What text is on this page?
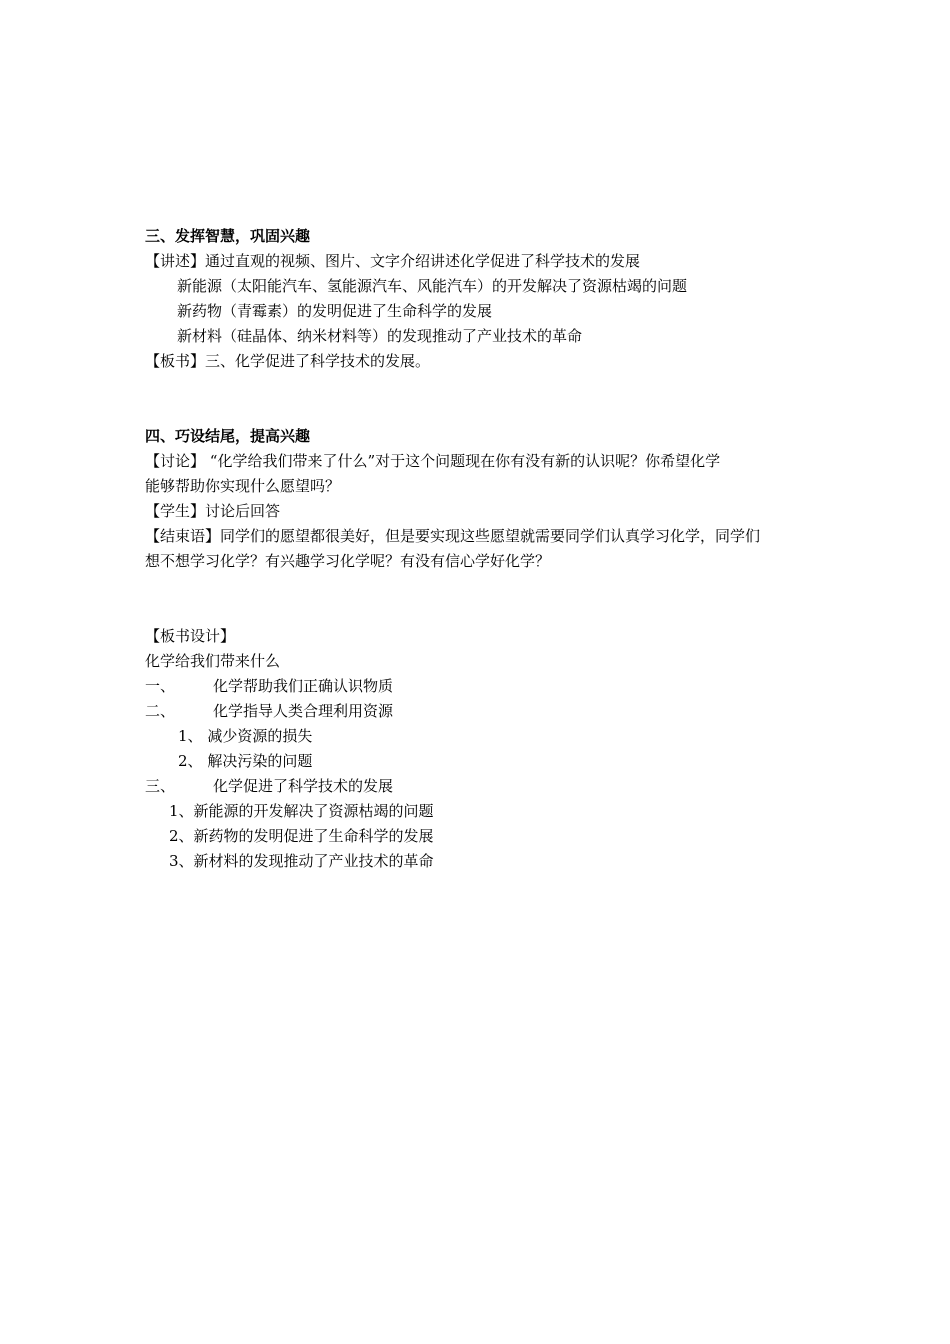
三、发挥智慧，巩固兴趣
【讲述】通过直观的视频、图片、文字介绍讲述化学促进了科学技术的发展
新能源（太阳能汽车、氢能源汽车、风能汽车）的开发解决了资源枯竭的问题
新药物（青霉素）的发明促进了生命科学的发展
新材料（硅晶体、纳米材料等）的发现推动了产业技术的革命
【板书】三、化学促进了科学技术的发展。
四、巧设结尾，提高兴趣
【讨论】 “化学给我们带来了什么”对于这个问题现在你有没有新的认识呢？你希望化学
能够帮助你实现什么愿望吗？
【学生】讨论后回答
【结束语】同学们的愿望都很美好，但是要实现这些愿望就需要同学们认真学习化学，同学们
想不想学习化学？有兴趣学习化学呢？有没有信心学好化学？
【板书设计】
化学给我们带来什么
一、	化学帮助我们正确认识物质
二、	化学指导人类合理利用资源
1、 减少资源的损失
2、 解决污染的问题
三、	化学促进了科学技术的发展
1、新能源的开发解决了资源枯竭的问题
2、新药物的发明促进了生命科学的发展
3、新材料的发现推动了产业技术的革命
